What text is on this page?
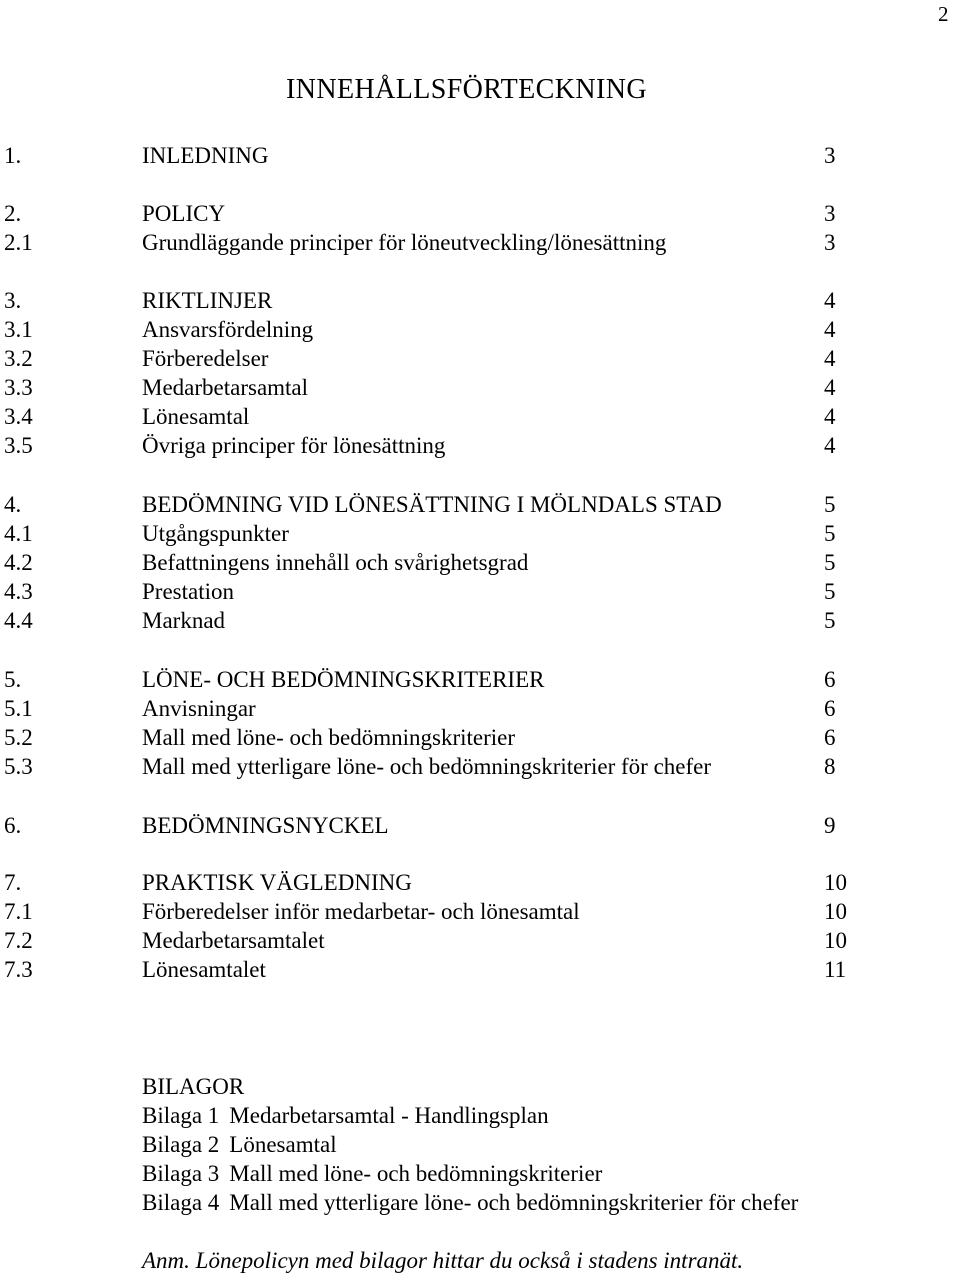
2
INNEHÅLLSFÖRTECKNING
1.	INLEDNING	3
2.	POLICY	3
2.1	Grundläggande principer för löneutveckling/lönesättning	3
3.	RIKTLINJER	4
3.1	Ansvarsfördelning	4
3.2	Förberedelser	4
3.3	Medarbetarsamtal	4
3.4	Lönesamtal	4
3.5	Övriga principer för lönesättning	4
4.	BEDÖMNING VID LÖNESÄTTNING I MÖLNDALS STAD	5
4.1	Utgångspunkter	5
4.2	Befattningens innehåll och svårighetsgrad	5
4.3	Prestation	5
4.4	Marknad	5
5.	LÖNE- OCH BEDÖMNINGSKRITERIER	6
5.1	Anvisningar	6
5.2	Mall med löne- och bedömningskriterier	6
5.3	Mall med ytterligare löne- och bedömningskriterier för chefer	8
6.	BEDÖMNINGSNYCKEL	9
7.	PRAKTISK VÄGLEDNING	10
7.1	Förberedelser inför medarbetar- och lönesamtal	10
7.2	Medarbetarsamtalet	10
7.3	Lönesamtalet	11
BILAGOR
Bilaga 1 Medarbetarsamtal - Handlingsplan
Bilaga 2 Lönesamtal
Bilaga 3 Mall med löne- och bedömningskriterier
Bilaga 4 Mall med ytterligare löne- och bedömningskriterier för chefer
Anm. Lönepolicyn med bilagor hittar du också i stadens intranät.
